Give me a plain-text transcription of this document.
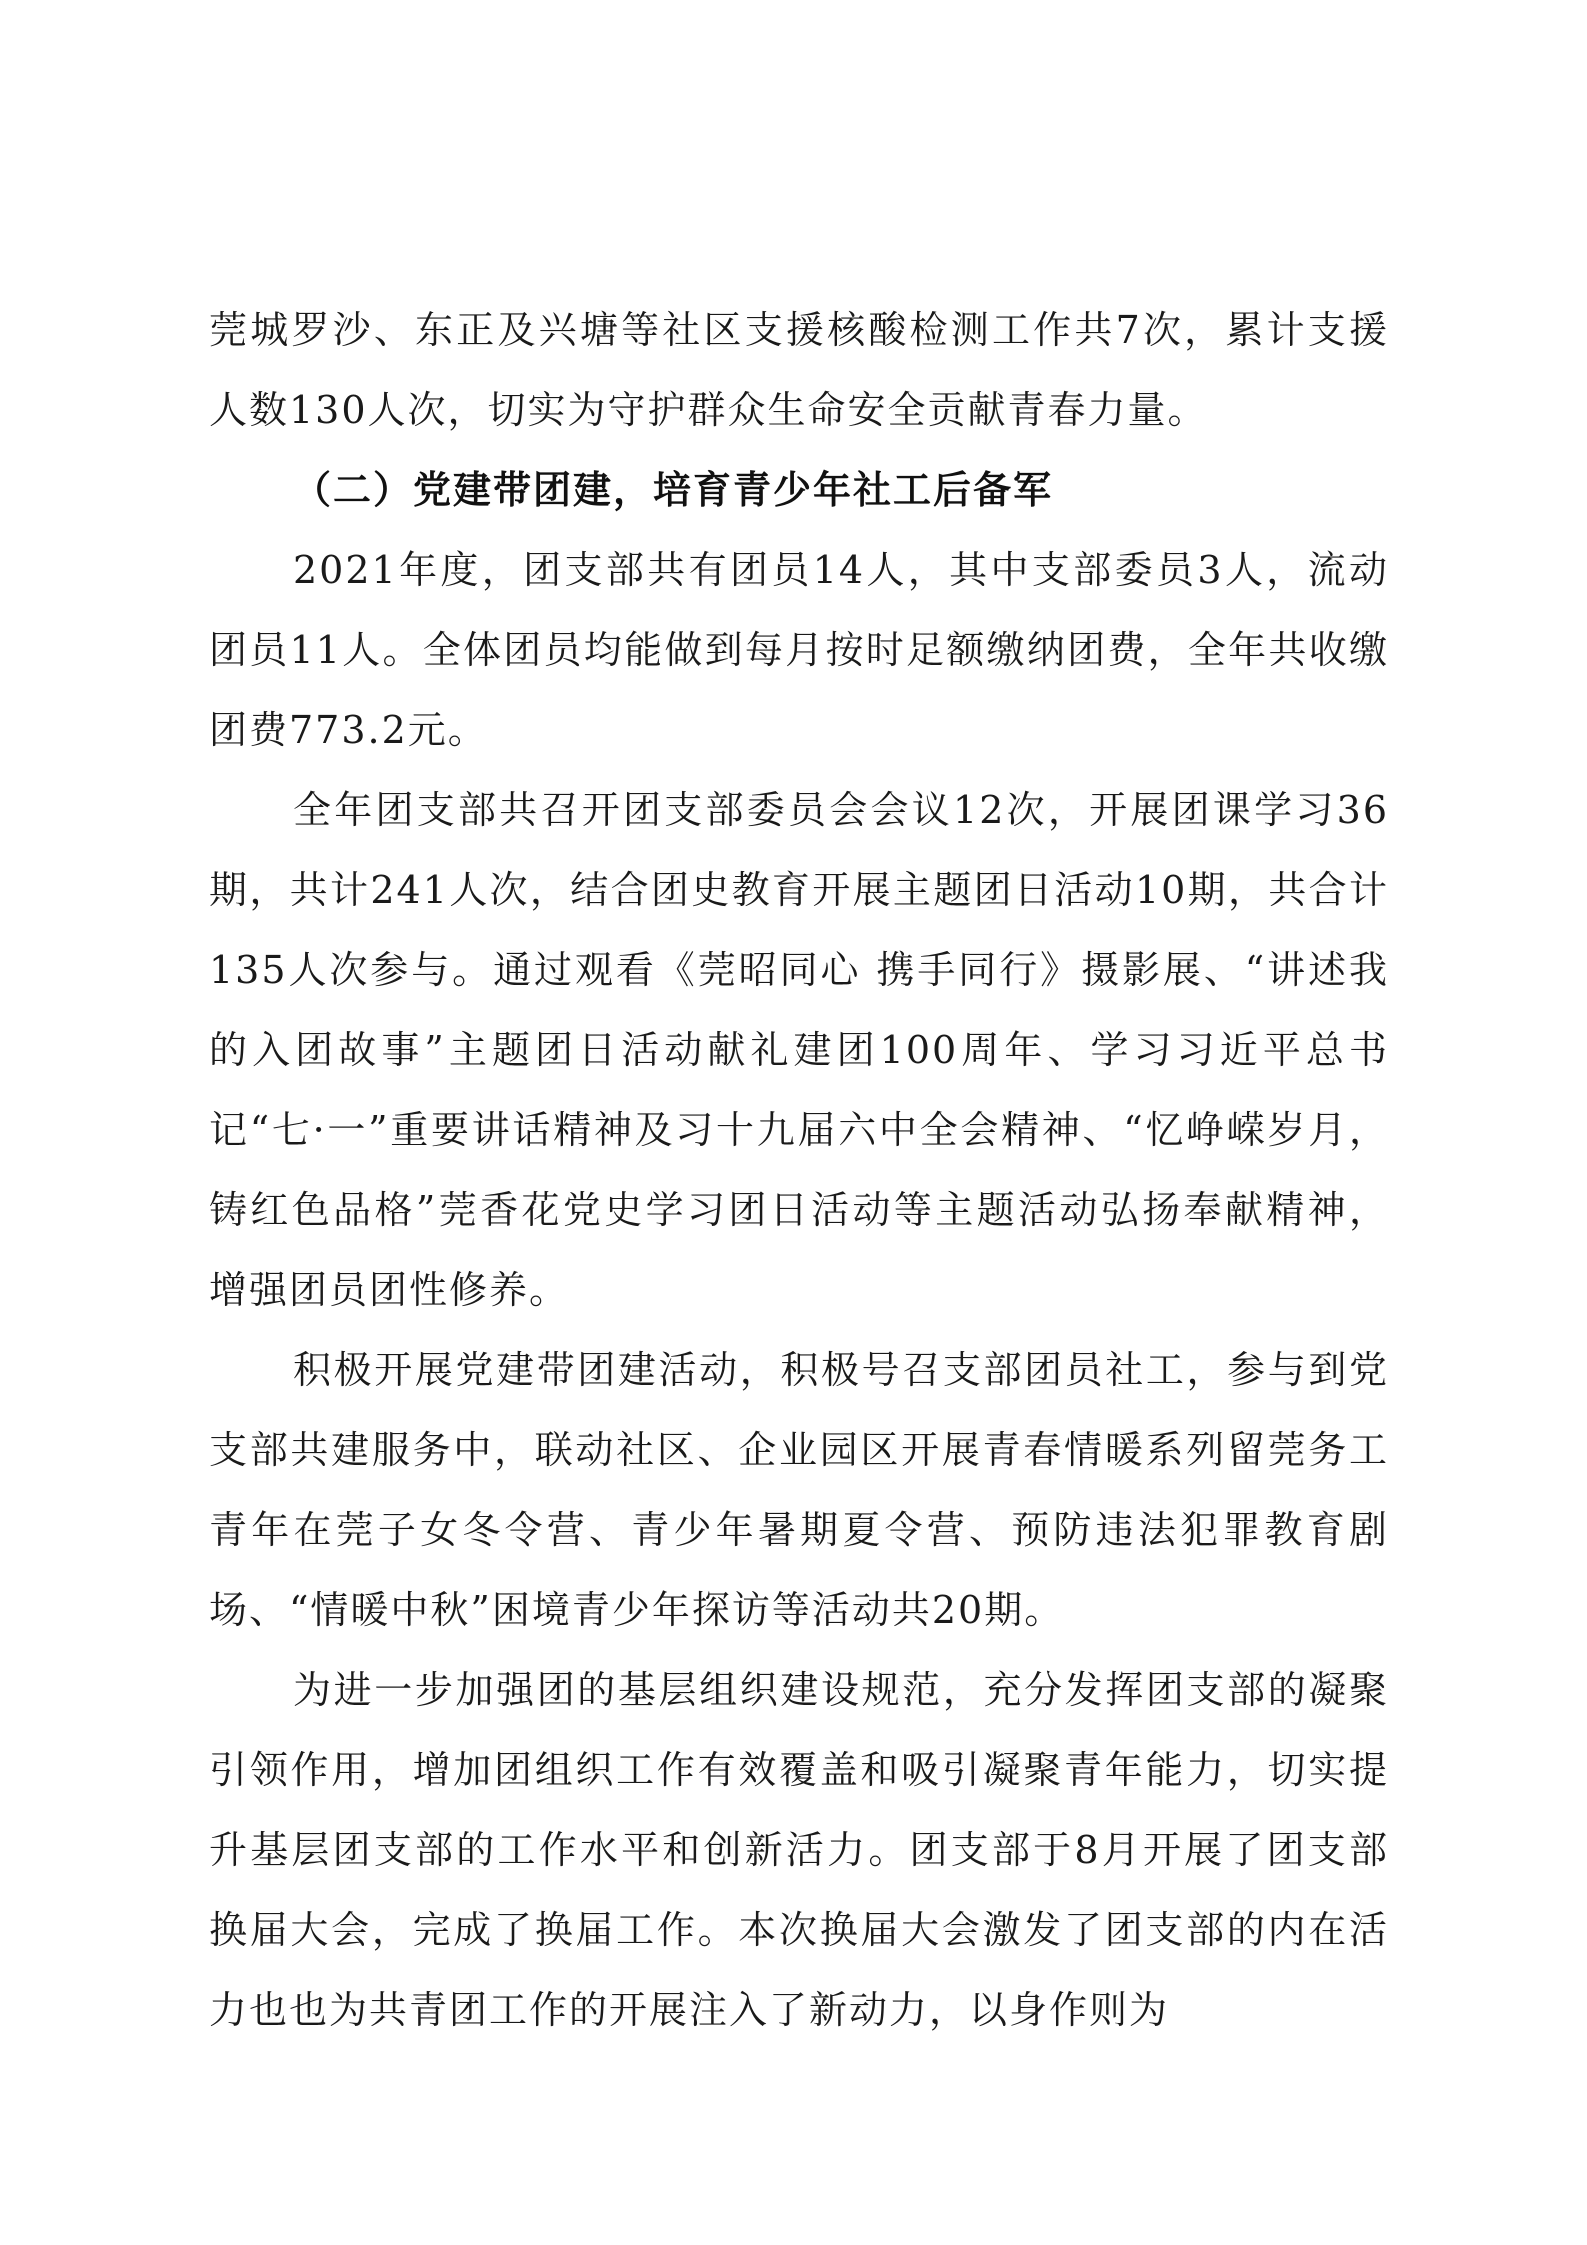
莞城罗沙、东正及兴塘等社区支援核酸检测工作共7次，累计支援人数130人次，切实为守护群众生命安全贡献青春力量。

（二）党建带团建，培育青少年社工后备军

2021年度，团支部共有团员14人，其中支部委员3人，流动团员11人。全体团员均能做到每月按时足额缴纳团费，全年共收缴团费773.2元。

全年团支部共召开团支部委员会会议12次，开展团课学习36期，共计241人次，结合团史教育开展主题团日活动10期，共合计135人次参与。通过观看《莞昭同心 携手同行》摄影展、“讲述我的入团故事”主题团日活动献礼建团100周年、学习习近平总书记“七·一”重要讲话精神及习十九届六中全会精神、“忆峥嵘岁月，铸红色品格”莞香花党史学习团日活动等主题活动弘扬奉献精神，增强团员团性修养。

积极开展党建带团建活动，积极号召支部团员社工，参与到党支部共建服务中，联动社区、企业园区开展青春情暖系列留莞务工青年在莞子女冬令营、青少年暑期夏令营、预防违法犯罪教育剧场、“情暖中秋”困境青少年探访等活动共20期。

为进一步加强团的基层组织建设规范，充分发挥团支部的凝聚引领作用，增加团组织工作有效覆盖和吸引凝聚青年能力，切实提升基层团支部的工作水平和创新活力。团支部于8月开展了团支部换届大会，完成了换届工作。本次换届大会激发了团支部的内在活力也也为共青团工作的开展注入了新动力，以身作则为
